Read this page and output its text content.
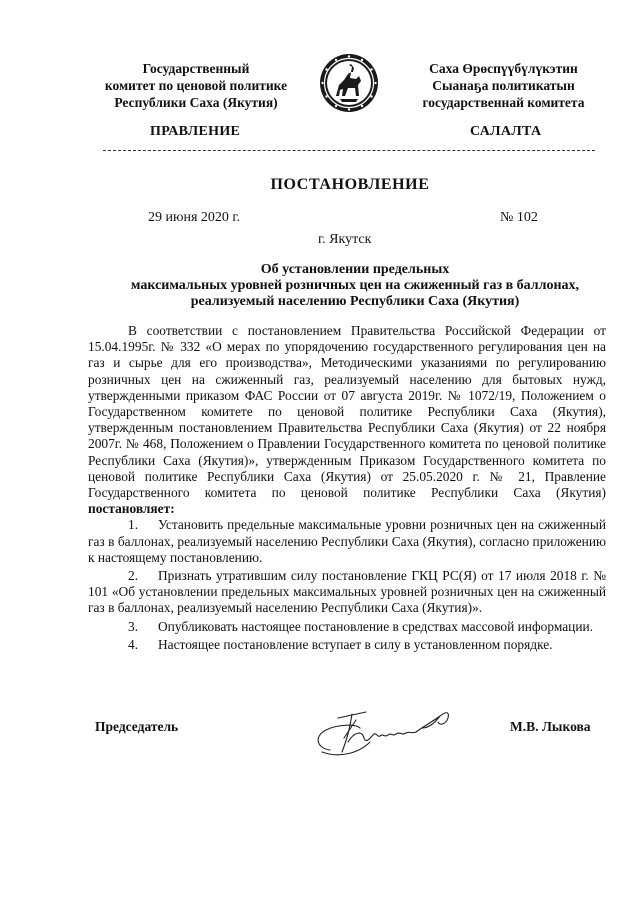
Государственный
комитет по ценовой политике
Республики Саха (Якутия)
Саха Өрөспүүбүлүкэтин
Сыанаҕа политикатын
государственнай комитета
ПРАВЛЕНИЕ	САЛАЛТА
ПОСТАНОВЛЕНИЕ
29 июня 2020 г.	№ 102
г. Якутск
Об установлении предельных
максимальных уровней розничных цен на сжиженный газ в баллонах,
реализуемый населению Республики Саха (Якутия)

В соответствии с постановлением Правительства Российской Федерации от 15.04.1995г. № 332 «О мерах по упорядочению государственного регулирования цен на газ и сырье для его производства», Методическими указаниями по регулированию розничных цен на сжиженный газ, реализуемый населению для бытовых нужд, утвержденными приказом ФАС России от 07 августа 2019г. № 1072/19, Положением о Государственном комитете по ценовой политике Республики Саха (Якутия), утвержденным постановлением Правительства Республики Саха (Якутия) от 22 ноября 2007г. № 468, Положением о Правлении Государственного комитета по ценовой политике Республики Саха (Якутия)», утвержденным Приказом Государственного комитета по ценовой политике Республики Саха (Якутия) от 25.05.2020 г. № 21, Правление Государственного комитета по ценовой политике Республики Саха (Якутия) постановляет:

1. Установить предельные максимальные уровни розничных цен на сжиженный газ в баллонах, реализуемый населению Республики Саха (Якутия), согласно приложению к настоящему постановлению.
2. Признать утратившим силу постановление ГКЦ РС(Я) от 17 июля 2018 г. № 101 «Об установлении предельных максимальных уровней розничных цен на сжиженный газ в баллонах, реализуемый населению Республики Саха (Якутия)».
3. Опубликовать настоящее постановление в средствах массовой информации.
4. Настоящее постановление вступает в силу в установленном порядке.
Председатель	М.В. Лыкова
